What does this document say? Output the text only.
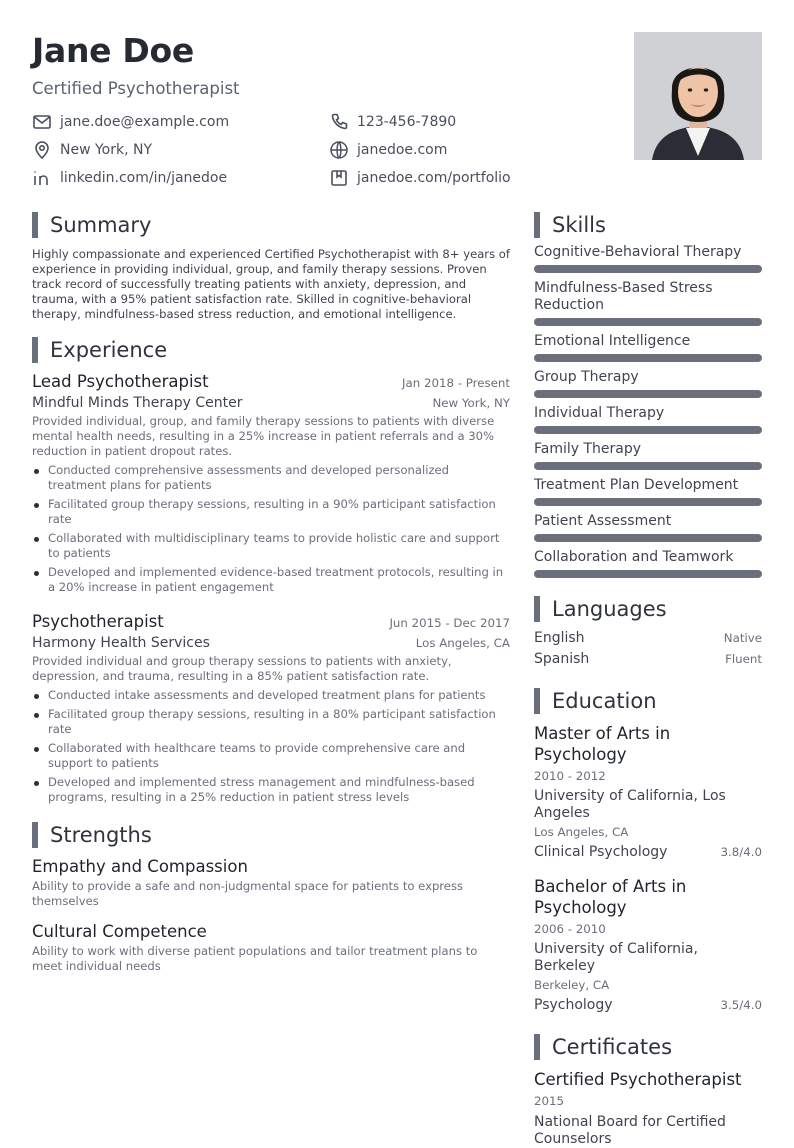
Jane Doe
Certified Psychotherapist
jane.doe@example.com	123-456-7890
New York, NY	janedoe.com
linkedin.com/in/janedoe	janedoe.com/portfolio
Summary

Highly compassionate and experienced Certified Psychotherapist with 8+ years of experience in providing individual, group, and family therapy sessions. Proven track record of successfully treating patients with anxiety, depression, and trauma, with a 95% patient satisfaction rate. Skilled in cognitive-behavioral therapy, mindfulness-based stress reduction, and emotional intelligence.

Experience
Lead Psychotherapist	Jan 2018 - Present
Mindful Minds Therapy Center	New York, NY

Provided individual, group, and family therapy sessions to patients with diverse mental health needs, resulting in a 25% increase in patient referrals and a 30% reduction in patient dropout rates.

Conducted comprehensive assessments and developed personalized treatment plans for patients
Facilitated group therapy sessions, resulting in a 90% participant satisfaction rate
Collaborated with multidisciplinary teams to provide holistic care and support to patients
Developed and implemented evidence-based treatment protocols, resulting in a 20% increase in patient engagement
Psychotherapist	Jun 2015 - Dec 2017
Harmony Health Services	Los Angeles, CA

Provided individual and group therapy sessions to patients with anxiety, depression, and trauma, resulting in a 85% patient satisfaction rate.

Conducted intake assessments and developed treatment plans for patients
Facilitated group therapy sessions, resulting in a 80% participant satisfaction rate
Collaborated with healthcare teams to provide comprehensive care and support to patients
Developed and implemented stress management and mindfulness-based programs, resulting in a 25% reduction in patient stress levels
Strengths
Empathy and Compassion

Ability to provide a safe and non-judgmental space for patients to express themselves

Cultural Competence

Ability to work with diverse patient populations and tailor treatment plans to meet individual needs

Skills
Cognitive-Behavioral Therapy
Mindfulness-Based Stress Reduction
Emotional Intelligence
Group Therapy
Individual Therapy
Family Therapy
Treatment Plan Development
Patient Assessment
Collaboration and Teamwork
Languages
English	Native
Spanish	Fluent
Education
Master of Arts in Psychology
2010 - 2012
University of California, Los Angeles
Los Angeles, CA
Clinical Psychology	3.8/4.0
Bachelor of Arts in Psychology
2006 - 2010
University of California, Berkeley
Berkeley, CA
Psychology	3.5/4.0
Certificates
Certified Psychotherapist
2015
National Board for Certified Counselors
